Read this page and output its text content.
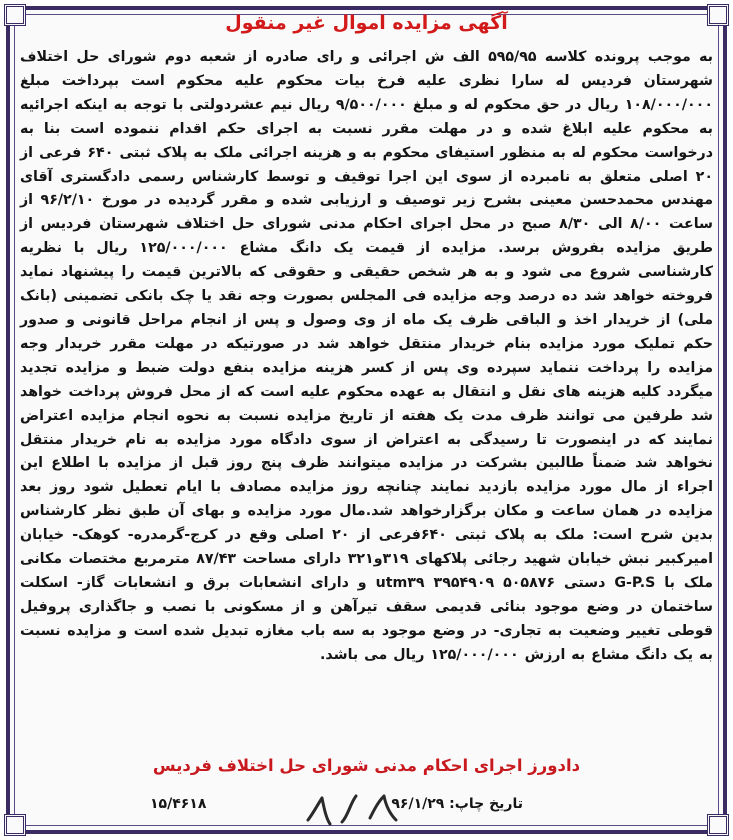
آگهی مزایده اموال غیر منقول
به موجب پرونده کلاسه ۵۹۵/۹۵ الف ش اجرائی و رای صادره از شعبه دوم شورای حل اختلاف شهرستان فردیس له سارا نظری علیه فرخ بیات محکوم علیه محکوم است بپرداخت مبلغ ۱۰۸/۰۰۰/۰۰۰ ریال در حق محکوم له و مبلغ ۹/۵۰۰/۰۰۰ ریال نیم عشردولتی با توجه به اینکه اجرائیه به محکوم علیه ابلاغ شده و در مهلت مقرر نسبت به اجرای حکم اقدام ننموده است بنا به درخواست محکوم له به منظور استیفای محکوم به و هزینه اجرائی ملک به پلاک ثبتی ۶۴۰ فرعی از ۲۰ اصلی متعلق به نامبرده از سوی این اجرا توقیف و توسط کارشناس رسمی دادگستری آقای مهندس محمدحسن معینی بشرح زیر توصیف و ارزیابی شده و مقرر گردیده در مورخ ۹۶/۲/۱۰ از ساعت ۸/۰۰ الی ۸/۳۰ صبح در محل اجرای احکام مدنی شورای حل اختلاف شهرستان فردیس از طریق مزایده بفروش برسد. مزایده از قیمت یک دانگ مشاع ۱۲۵/۰۰۰/۰۰۰ ریال با نظریه کارشناسی شروع می شود و به هر شخص حقیقی و حقوقی که بالاترین قیمت را پیشنهاد نماید فروخته خواهد شد ده درصد وجه مزایده فی المجلس بصورت وجه نقد یا چک بانکی تضمینی (بانک ملی) از خریدار اخذ و الباقی ظرف یک ماه از وی وصول و پس از انجام مراحل قانونی و صدور حکم تملیک مورد مزایده بنام خریدار منتقل خواهد شد در صورتیکه در مهلت مقرر خریدار وجه مزایده را پرداخت ننماید سپرده وی پس از کسر هزینه مزایده بنفع دولت ضبط و مزایده تجدید میگردد کلیه هزینه های نقل و انتقال به عهده محکوم علیه است که از محل فروش پرداخت خواهد شد طرفین می توانند ظرف مدت یک هفته از تاریخ مزایده نسبت به نحوه انجام مزایده اعتراض نمایند که در اینصورت تا رسیدگی به اعتراض از سوی دادگاه مورد مزایده به نام خریدار منتقل نخواهد شد ضمناً طالبین بشرکت در مزایده میتوانند ظرف پنج روز قبل از مزایده با اطلاع این اجراء از مال مورد مزایده بازدید نمایند چنانچه روز مزایده مصادف با ایام تعطیل شود روز بعد مزایده در همان ساعت و مکان برگزارخواهد شد.مال مورد مزایده و بهای آن طبق نظر کارشناس بدین شرح است: ملک به پلاک ثبتی ۶۴۰فرعی از ۲۰ اصلی وقع در کرج-گرمدره- کوهک- خیابان امیرکبیر نبش خیابان شهید رجائی پلاکهای ۳۱۹و۳۲۱ دارای مساحت ۸۷/۴۳ مترمربع مختصات مکانی ملک با G-P.S دستی utm۳۹ ۳۹۵۴۹۰۹ ۵۰۵۸۷۶ و دارای انشعابات برق و انشعابات گاز- اسکلت ساختمان در وضع موجود بنائی قدیمی سقف تیرآهن و از مسکونی با نصب و جاگذاری پروفیل قوطی تغییر وضعیت به تجاری- در وضع موجود به سه باب مغازه تبدیل شده است و مزایده نسبت به یک دانگ مشاع به ارزش ۱۲۵/۰۰۰/۰۰۰ ریال می باشد.
دادورز اجرای احکام مدنی شورای حل اختلاف فردیس
تاریخ چاپ: ۹۶/۱/۲۹
۱۵/۴۶۱۸
